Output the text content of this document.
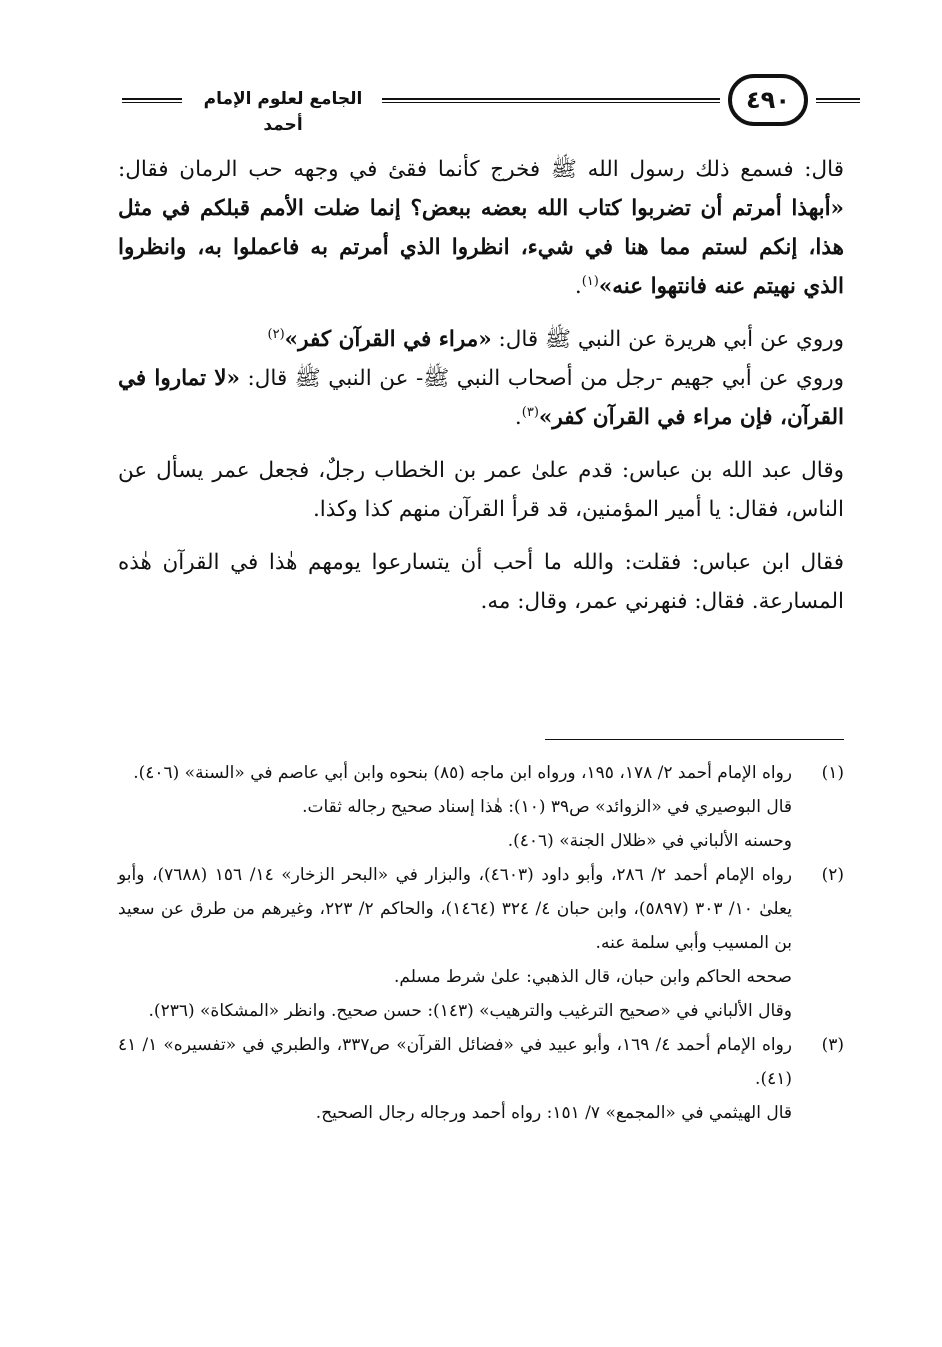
الجامع لعلوم الإمام أحمد
٤٩٠

قال: فسمع ذلك رسول الله ﷺ فخرج كأنما فقئ في وجهه حب الرمان فقال: «أبهذا أمرتم أن تضربوا كتاب الله بعضه ببعض؟ إنما ضلت الأمم قبلكم في مثل هذا، إنكم لستم مما هنا في شيء، انظروا الذي أمرتم به فاعملوا به، وانظروا الذي نهيتم عنه فانتهوا عنه»$^{(١)}$.

وروي عن أبي هريرة عن النبي ﷺ قال: «مراء في القرآن كفر»$^{(٢)}$

وروي عن أبي جهيم -رجل من أصحاب النبي ﷺ- عن النبي ﷺ قال: «لا تماروا في القرآن، فإن مراء في القرآن كفر»$^{(٣)}$.

وقال عبد الله بن عباس: قدم علىٰ عمر بن الخطاب رجلٌ، فجعل عمر يسأل عن الناس، فقال: يا أمير المؤمنين، قد قرأ القرآن منهم كذا وكذا.

فقال ابن عباس: فقلت: والله ما أحب أن يتسارعوا يومهم هٰذا في القرآن هٰذه المسارعة. فقال: فنهرني عمر، وقال: مه.

(١)

رواه الإمام أحمد ٢/ ١٧٨، ١٩٥، ورواه ابن ماجه (٨٥) بنحوه وابن أبي عاصم في «السنة» (٤٠٦).

قال البوصيري في «الزوائد» ص٣٩ (١٠): هٰذا إسناد صحيح رجاله ثقات.

وحسنه الألباني في «ظلال الجنة» (٤٠٦).

(٢)

رواه الإمام أحمد ٢/ ٢٨٦، وأبو داود (٤٦٠٣)، والبزار في «البحر الزخار» ١٤/ ١٥٦ (٧٦٨٨)، وأبو يعلىٰ ١٠/ ٣٠٣ (٥٨٩٧)، وابن حبان ٤/ ٣٢٤ (١٤٦٤)، والحاكم ٢/ ٢٢٣، وغيرهم من طرق عن سعيد بن المسيب وأبي سلمة عنه.

صححه الحاكم وابن حبان، قال الذهبي: علىٰ شرط مسلم.

وقال الألباني في «صحيح الترغيب والترهيب» (١٤٣): حسن صحيح. وانظر «المشكاة» (٢٣٦).

(٣)

رواه الإمام أحمد ٤/ ١٦٩، وأبو عبيد في «فضائل القرآن» ص٣٣٧، والطبري في «تفسيره» ١/ ٤١ (٤١).

قال الهيثمي في «المجمع» ٧/ ١٥١: رواه أحمد ورجاله رجال الصحيح.
